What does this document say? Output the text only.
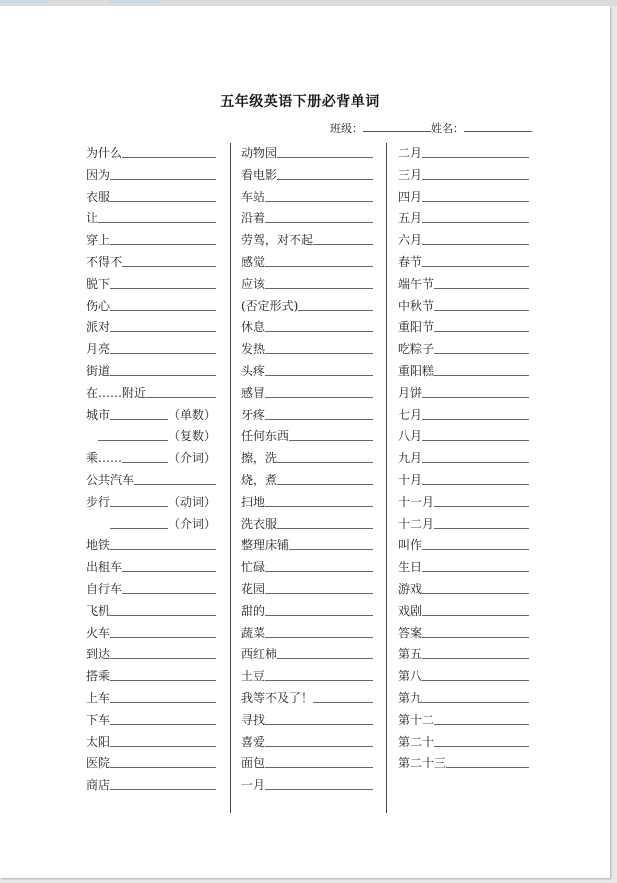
五年级英语下册必背单词
班级：	姓名：
为什么
因为
衣服
让
穿上
不得不
脱下
伤心
派对
月亮
街道
在……附近
城市	（单数）
（复数）
乘……	（介词）
公共汽车
步行	（动词）
（介词）
地铁
出租车
自行车
飞机
火车
到达
搭乘
上车
下车
太阳
医院
商店
动物园
看电影
车站
沿着
劳驾，对不起
感觉
应该
(否定形式)
休息
发热
头疼
感冒
牙疼
任何东西
擦，洗
烧，煮
扫地
洗衣服
整理床铺
忙碌
花园
甜的
蔬菜
西红柿
土豆
我等不及了！
寻找
喜爱
面包
一月
二月
三月
四月
五月
六月
春节
端午节
中秋节
重阳节
吃粽子
重阳糕
月饼
七月
八月
九月
十月
十一月
十二月
叫作
生日
游戏
戏剧
答案
第五
第八
第九
第十二
第二十
第二十三
